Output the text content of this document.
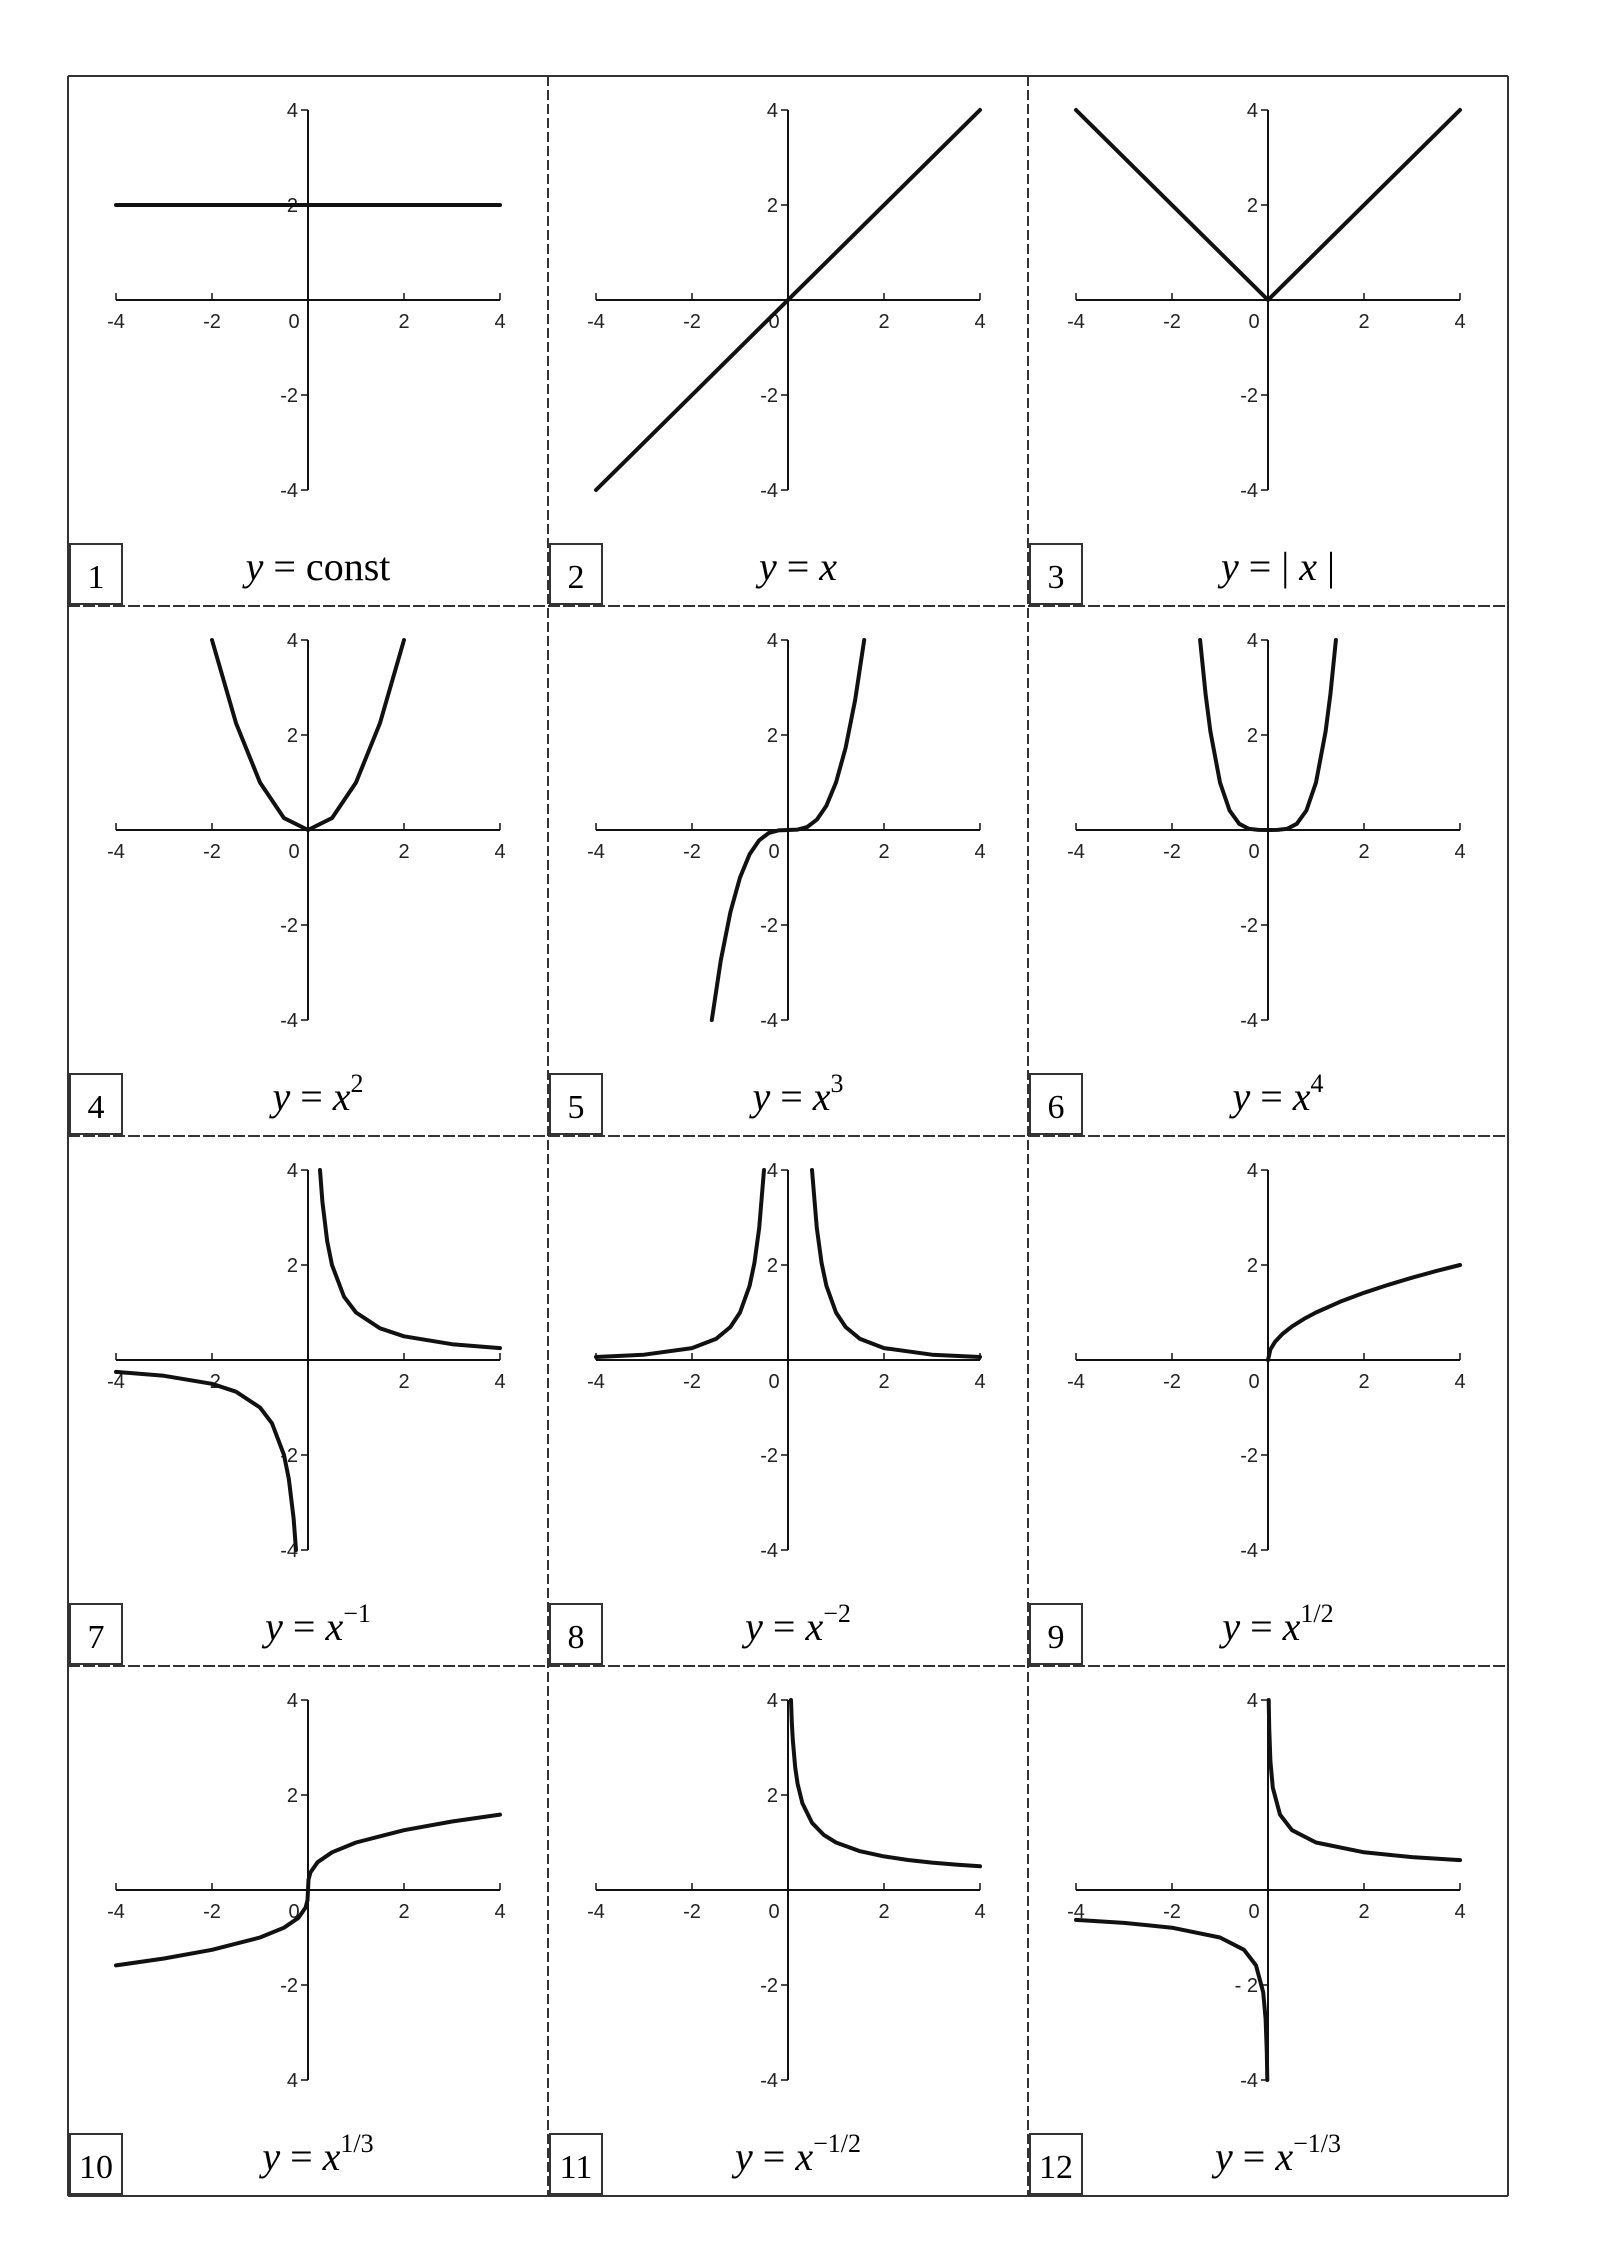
-4	-2	0	2	4
4
2
-2
-4
1	y = const
-4	-2	0	2	4
4
2
-2
-4
2	y = x
-4	-2	0	2	4
4
2
-2
-4
3	y = | x |
-4	-2	0	2	4
4
2
-2
-4
4	$y = x^2$
-4	-2	0	2	4
4
2
-2
-4
5	$y = x^3$
-4	-2	0	2	4
4
2
-2
-4
6	$y = x^4$
-4	-2	2	4
4
2
-2
-4
7	$y = x^{-1}$
-4	-2	0	2	4
4
2
-2
-4
8	$y = x^{-2}$
-4	-2	0	2	4
4
2
-2
-4
9	$y = x^{1/2}$
-4	-2	0	2	4
4
2
-2
4
10	$y = x^{1/3}$
-4	-2	0	2	4
4
2
-2
-4
11	$y = x^{-1/2}$
-4	-2	0	2	4
4
- 2
-4
12	$y = x^{-1/3}$
